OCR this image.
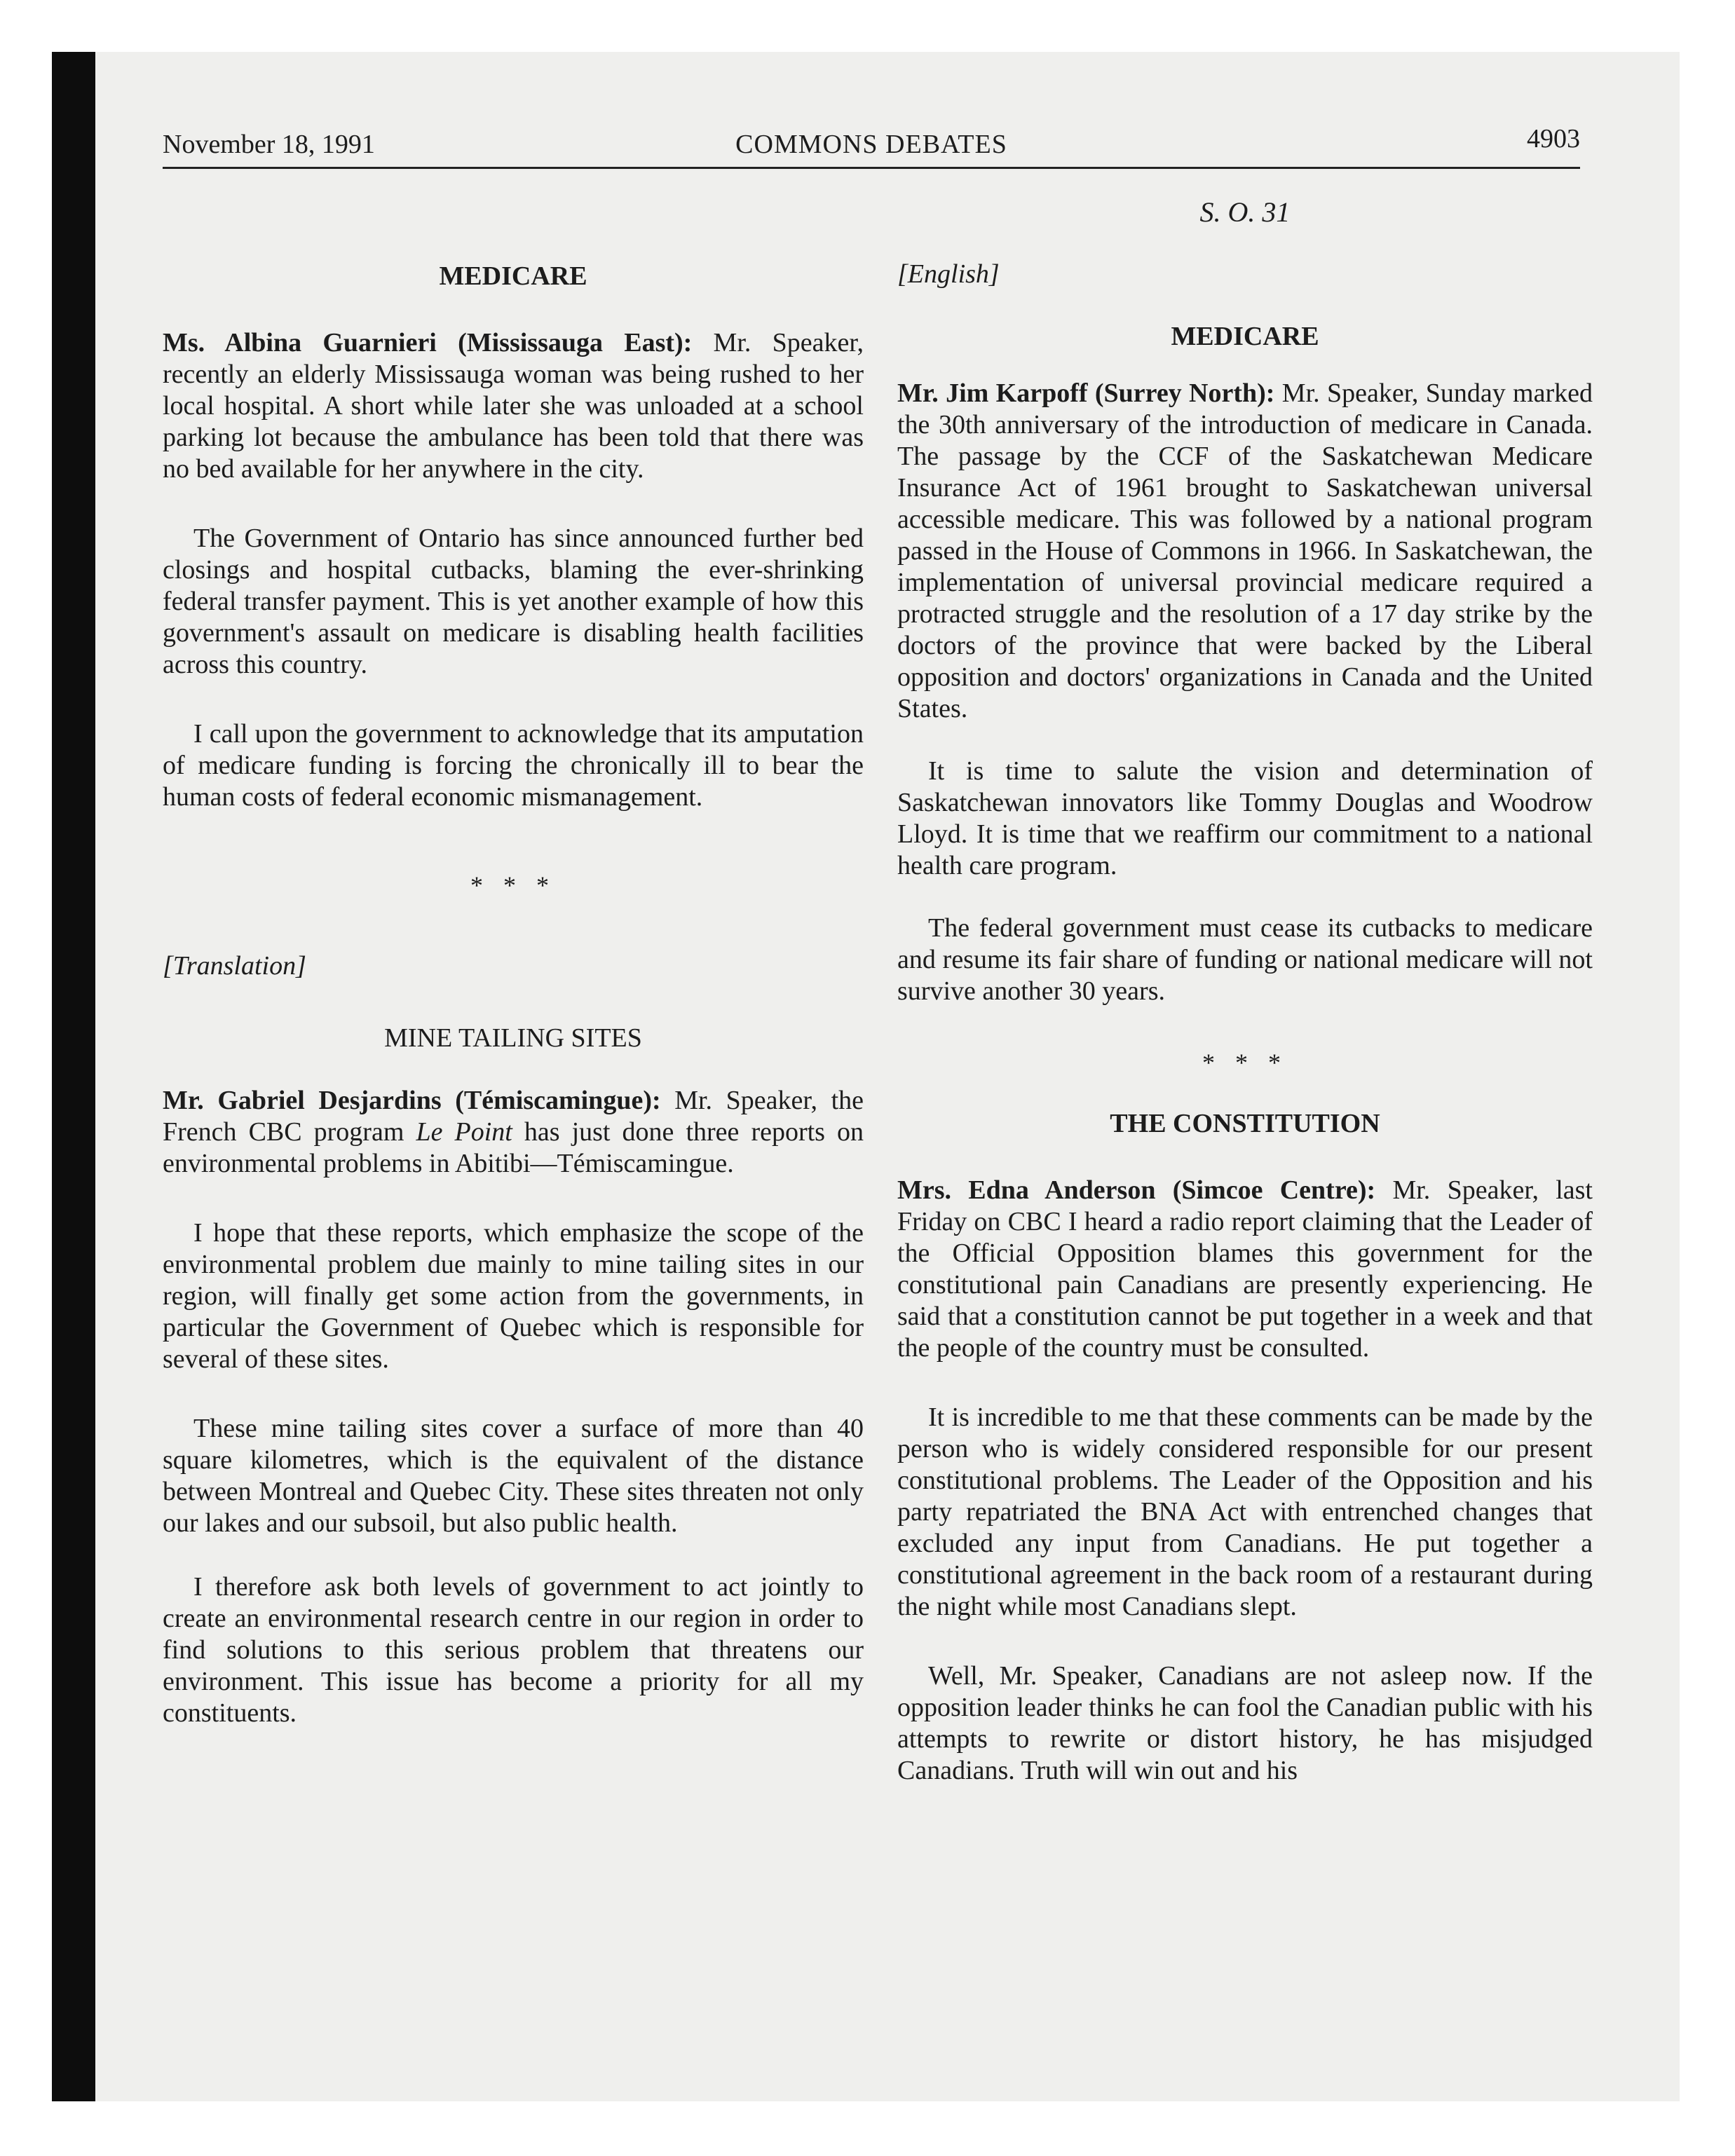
November 18, 1991	COMMONS DEBATES	4903
MEDICARE

Ms. Albina Guarnieri (Mississauga East): Mr. Speaker, recently an elderly Mississauga woman was being rushed to her local hospital. A short while later she was unloaded at a school parking lot because the ambulance has been told that there was no bed available for her anywhere in the city.

The Government of Ontario has since announced further bed closings and hospital cutbacks, blaming the ever-shrinking federal transfer payment. This is yet another example of how this government's assault on medicare is disabling health facilities across this country.

I call upon the government to acknowledge that its amputation of medicare funding is forcing the chronically ill to bear the human costs of federal economic mismanagement.

* * *
[Translation]
MINE TAILING SITES

Mr. Gabriel Desjardins (Témiscamingue): Mr. Speaker, the French CBC program Le Point has just done three reports on environmental problems in Abitibi—Témiscamingue.

I hope that these reports, which emphasize the scope of the environmental problem due mainly to mine tailing sites in our region, will finally get some action from the governments, in particular the Government of Quebec which is responsible for several of these sites.

These mine tailing sites cover a surface of more than 40 square kilometres, which is the equivalent of the distance between Montreal and Quebec City. These sites threaten not only our lakes and our subsoil, but also public health.

I therefore ask both levels of government to act jointly to create an environmental research centre in our region in order to find solutions to this serious problem that threatens our environment. This issue has become a priority for all my constituents.

S. O. 31
[English]
MEDICARE

Mr. Jim Karpoff (Surrey North): Mr. Speaker, Sunday marked the 30th anniversary of the introduction of medicare in Canada. The passage by the CCF of the Saskatchewan Medicare Insurance Act of 1961 brought to Saskatchewan universal accessible medicare. This was followed by a national program passed in the House of Commons in 1966. In Saskatchewan, the implementation of universal provincial medicare required a protracted struggle and the resolution of a 17 day strike by the doctors of the province that were backed by the Liberal opposition and doctors' organizations in Canada and the United States.

It is time to salute the vision and determination of Saskatchewan innovators like Tommy Douglas and Woodrow Lloyd. It is time that we reaffirm our commitment to a national health care program.

The federal government must cease its cutbacks to medicare and resume its fair share of funding or national medicare will not survive another 30 years.

* * *
THE CONSTITUTION

Mrs. Edna Anderson (Simcoe Centre): Mr. Speaker, last Friday on CBC I heard a radio report claiming that the Leader of the Official Opposition blames this government for the constitutional pain Canadians are presently experiencing. He said that a constitution cannot be put together in a week and that the people of the country must be consulted.

It is incredible to me that these comments can be made by the person who is widely considered responsible for our present constitutional problems. The Leader of the Opposition and his party repatriated the BNA Act with entrenched changes that excluded any input from Canadians. He put together a constitutional agreement in the back room of a restaurant during the night while most Canadians slept.

Well, Mr. Speaker, Canadians are not asleep now. If the opposition leader thinks he can fool the Canadian public with his attempts to rewrite or distort history, he has misjudged Canadians. Truth will win out and his
